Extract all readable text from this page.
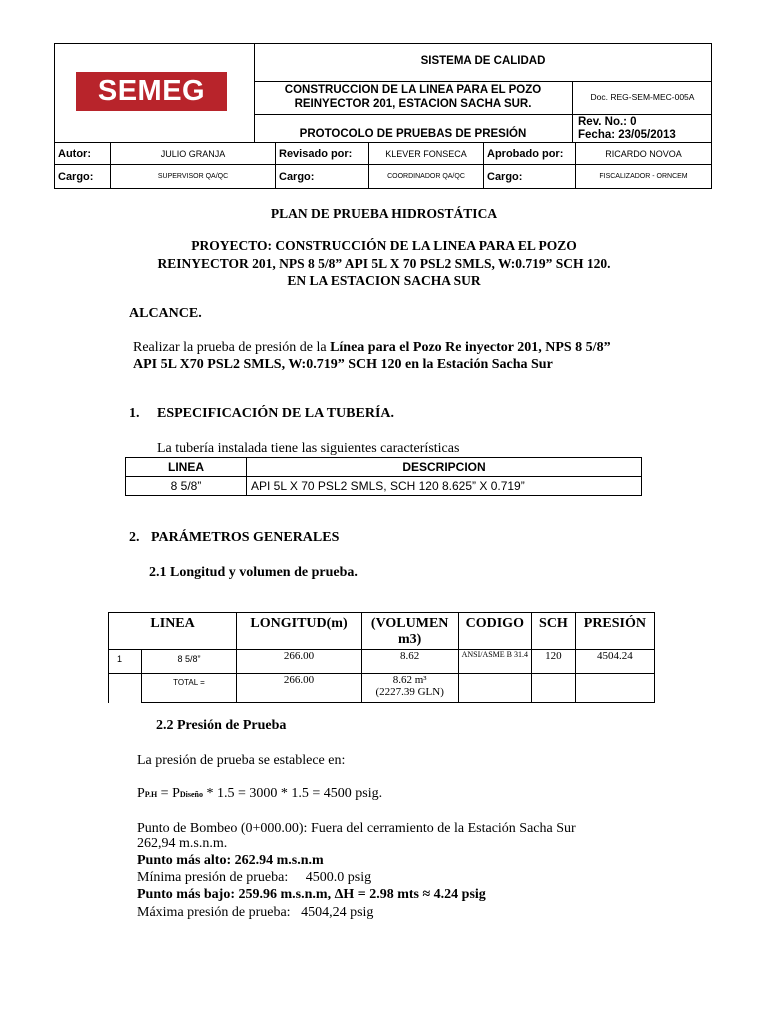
SEMEG
SISTEMA DE CALIDAD
CONSTRUCCION DE LA LINEA PARA EL POZO
REINYECTOR 201, ESTACION SACHA SUR.
Doc. REG-SEM-MEC-005A
PROTOCOLO DE PRUEBAS DE PRESIÓN
Rev. No.: 0
Fecha: 23/05/2013
Autor:	JULIO GRANJA	Revisado por:	KLEVER FONSECA	Aprobado por:	RICARDO NOVOA
Cargo:	SUPERVISOR QA/QC	Cargo:	COORDINADOR QA/QC	Cargo:	FISCALIZADOR - ORNCEM
PLAN DE PRUEBA HIDROSTÁTICA
PROYECTO: CONSTRUCCIÓN DE LA LINEA PARA EL POZO
REINYECTOR 201, NPS 8 5/8” API 5L X 70 PSL2 SMLS, W:0.719” SCH 120.
EN LA ESTACION SACHA SUR
ALCANCE.
Realizar la prueba de presión de la Línea para el Pozo Re inyector 201, NPS 8 5/8”
API 5L X70 PSL2 SMLS, W:0.719” SCH 120 en la Estación Sacha Sur
1. ESPECIFICACIÓN DE LA TUBERÍA.
La tubería instalada tiene las siguientes características
LINEA	DESCRIPCION
8 5/8”	API 5L X 70 PSL2 SMLS, SCH 120 8.625” X 0.719”
2. PARÁMETROS GENERALES
2.1 Longitud y volumen de prueba.
LINEA		LONGITUD(m)	(VOLUMEN m3)	CODIGO	SCH	PRESIÓN
1	8 5/8”	266.00	8.62	ANSI/ASME B 31.4	120	4504.24
	TOTAL =	266.00	8.62 m³
(2227.39 GLN)			
2.2 Presión de Prueba
La presión de prueba se establece en:
PP.H = PDiseño * 1.5 = 3000 * 1.5 = 4500 psig.
Punto de Bombeo (0+000.00): Fuera del cerramiento de la Estación Sacha Sur
262,94 m.s.n.m.
Punto más alto: 262.94 m.s.n.m
Mínima presión de prueba: 4500.0 psig
Punto más bajo: 259.96 m.s.n.m, ΔH = 2.98 mts ≈ 4.24 psig
Máxima presión de prueba: 4504,24 psig
